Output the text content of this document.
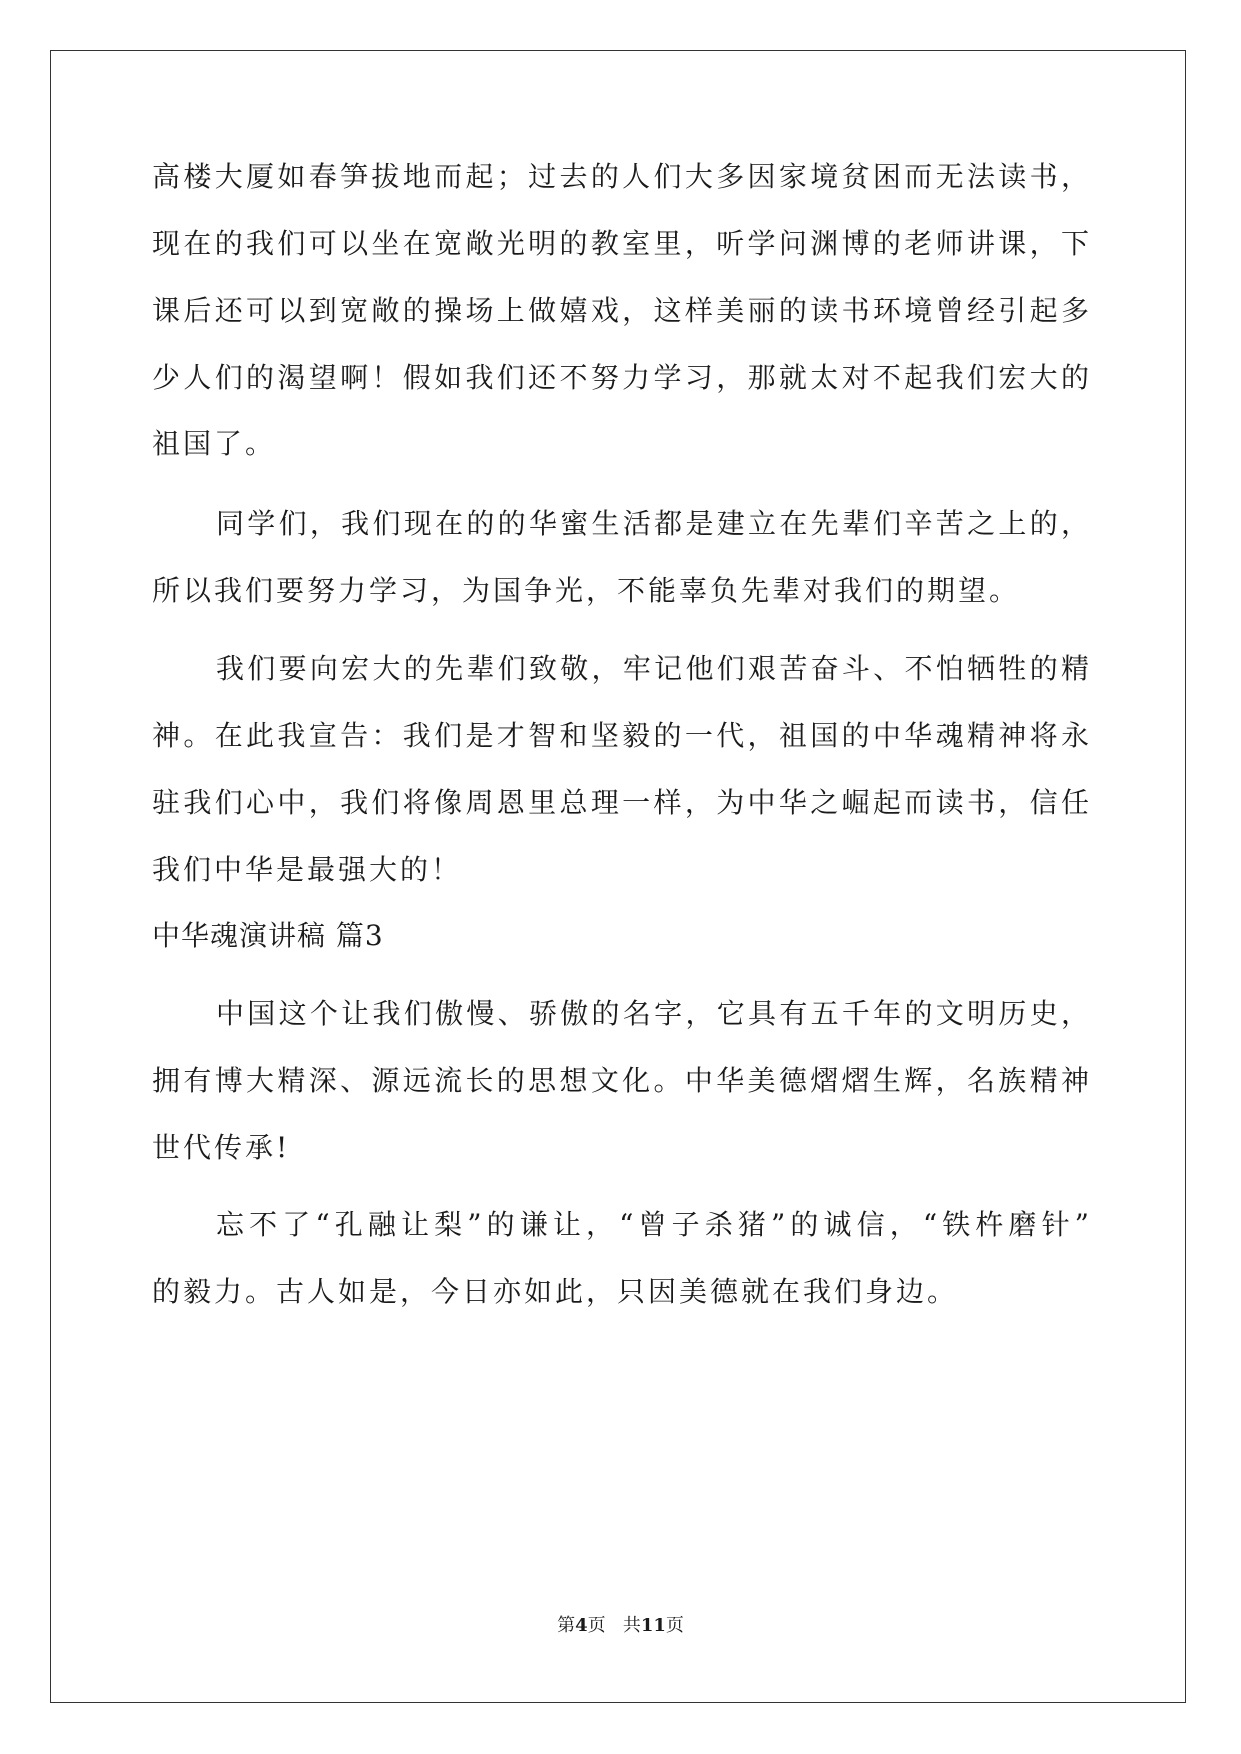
高楼大厦如春笋拔地而起；过去的人们大多因家境贫困而无法读书，
现在的我们可以坐在宽敞光明的教室里，听学问渊博的老师讲课，下
课后还可以到宽敞的操场上做嬉戏，这样美丽的读书环境曾经引起多
少人们的渴望啊！假如我们还不努力学习，那就太对不起我们宏大的
祖国了。
同学们，我们现在的的华蜜生活都是建立在先辈们辛苦之上的，
所以我们要努力学习，为国争光，不能辜负先辈对我们的期望。
我们要向宏大的先辈们致敬，牢记他们艰苦奋斗、不怕牺牲的精
神。在此我宣告：我们是才智和坚毅的一代，祖国的中华魂精神将永
驻我们心中，我们将像周恩里总理一样，为中华之崛起而读书，信任
我们中华是最强大的！
中华魂演讲稿 篇3
中国这个让我们傲慢、骄傲的名字，它具有五千年的文明历史，
拥有博大精深、源远流长的思想文化。中华美德熠熠生辉，名族精神
世代传承!
忘不了“孔融让梨”的谦让，“曾子杀猪”的诚信，“铁杵磨针”
的毅力。古人如是，今日亦如此，只因美德就在我们身边。
第4页 共11页
